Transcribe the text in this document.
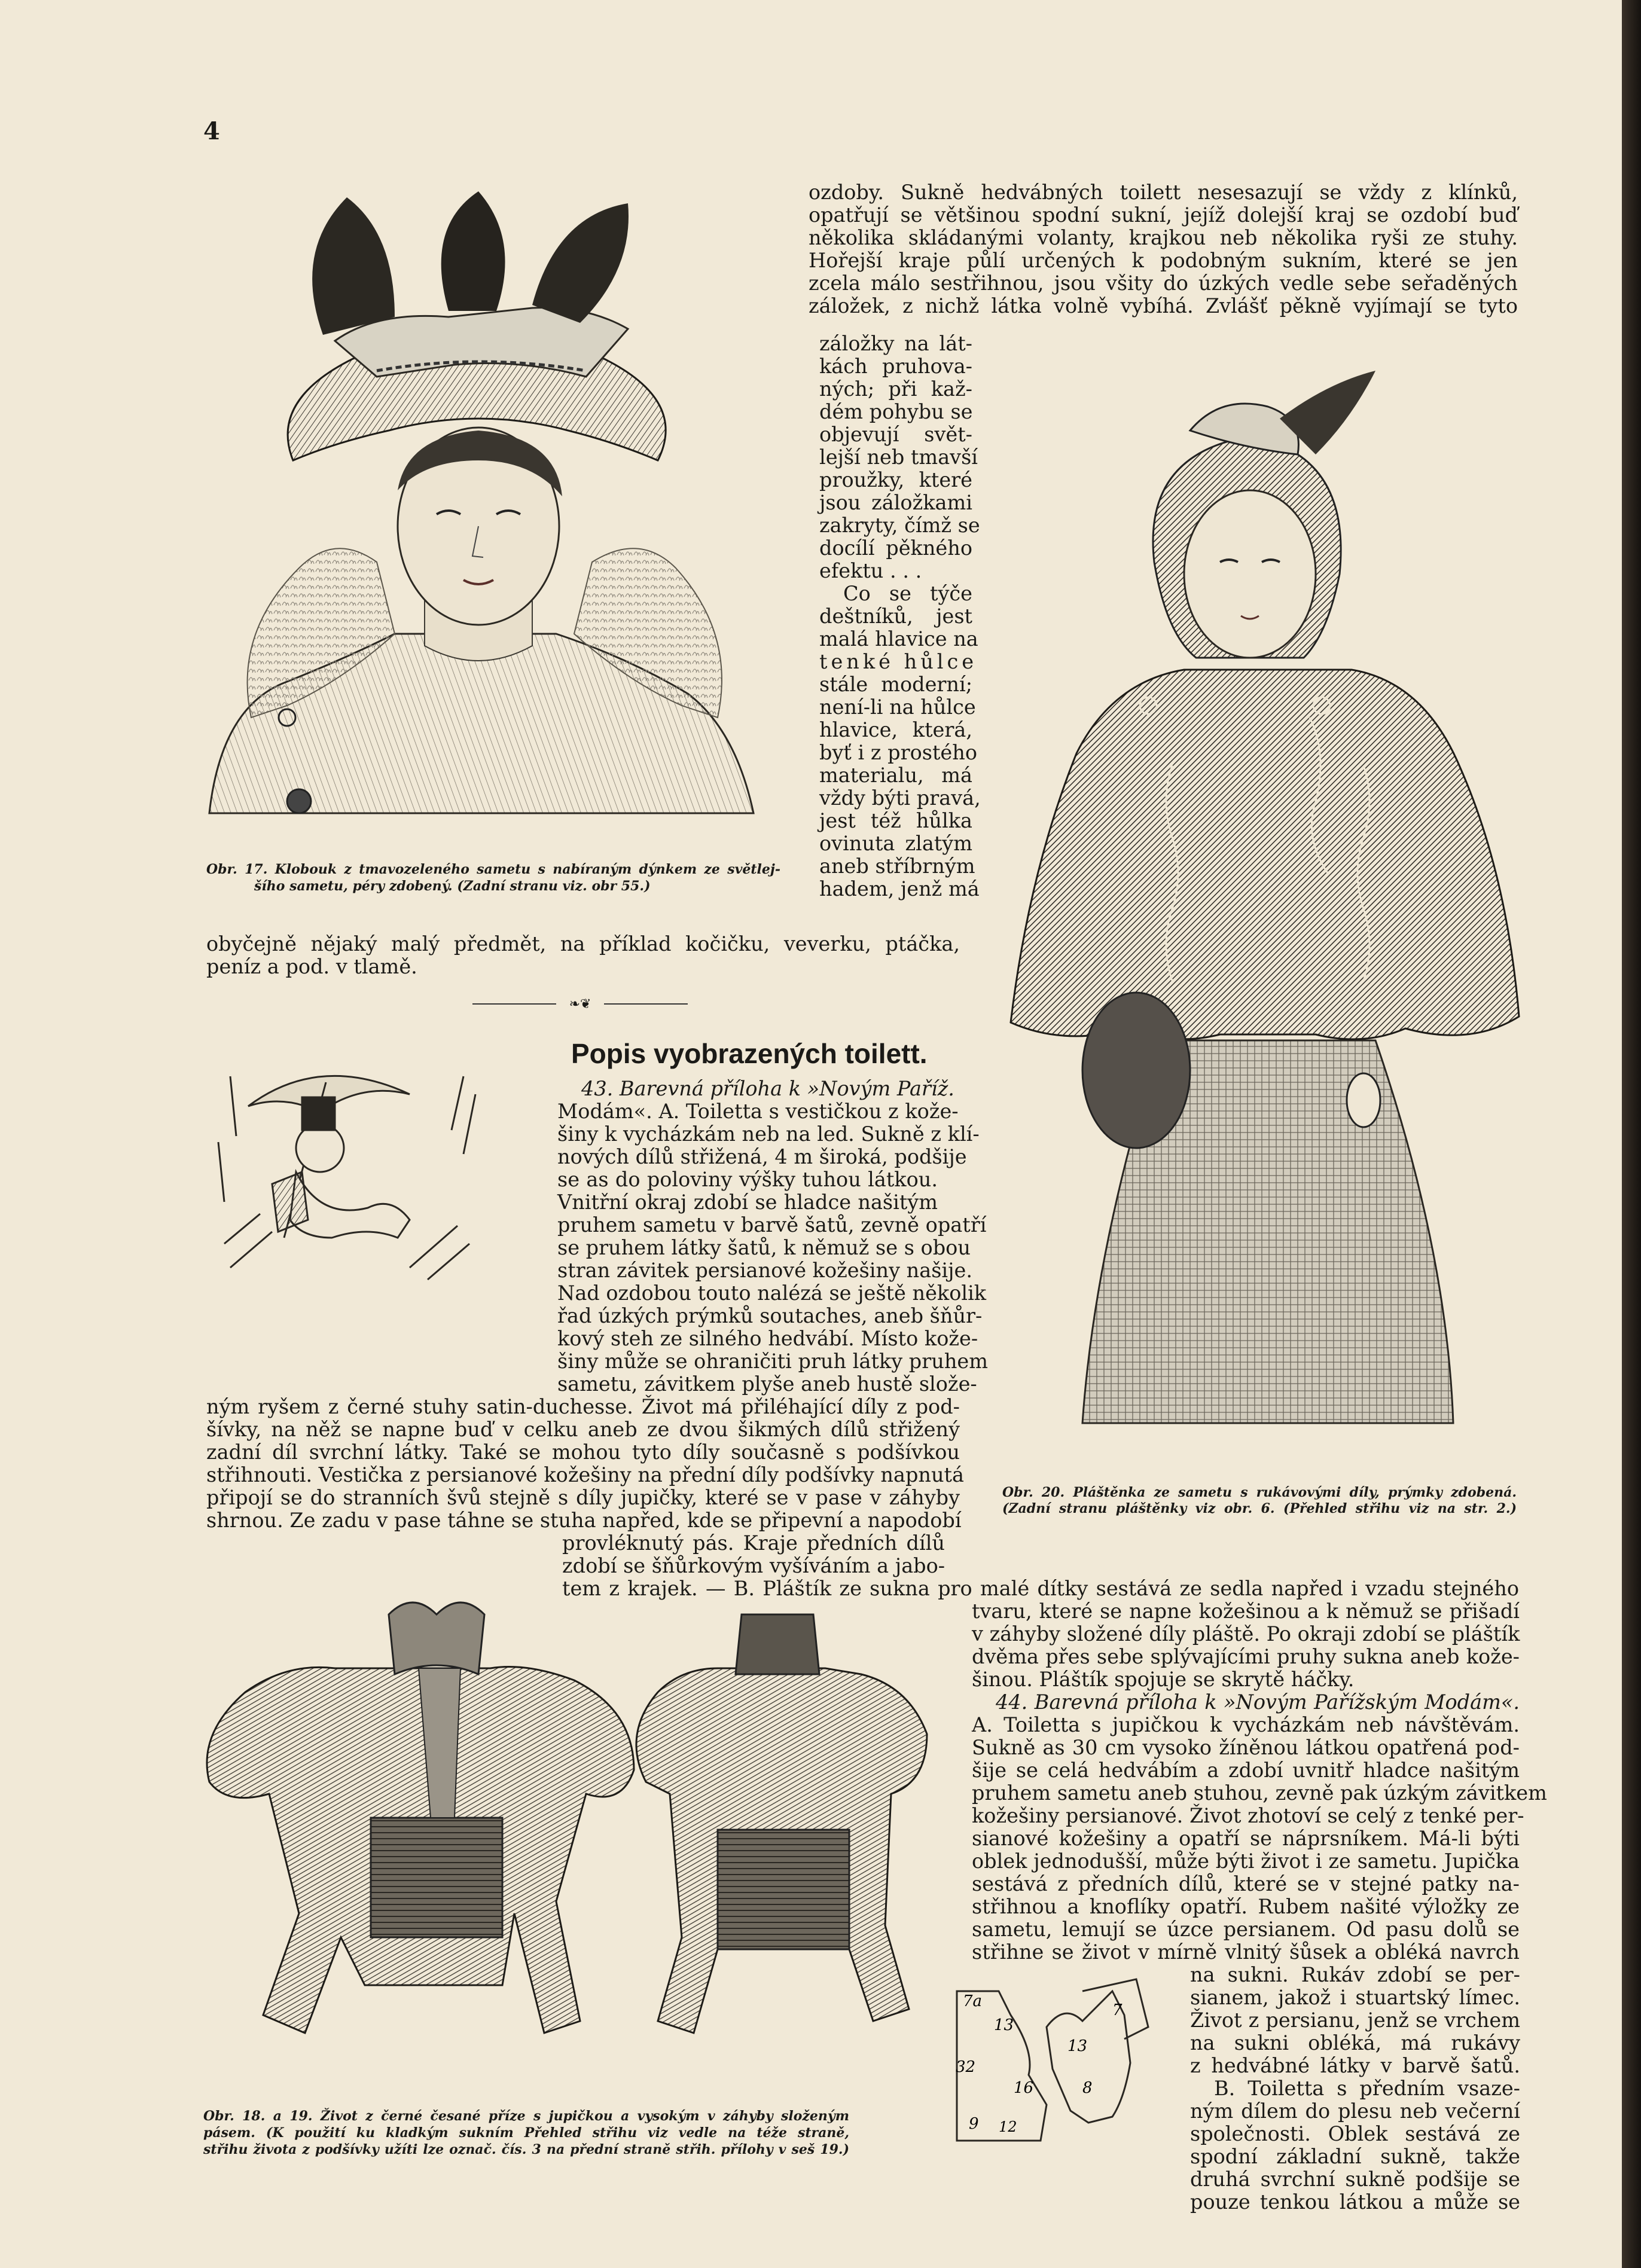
4
Obr. 17. Klobouk z tmavozeleného sametu s nabíraným dýnkem ze světlej-
šího sametu, péry zdobený. (Zadní stranu viz. obr 55.)
ozdoby. Sukně hedvábných toilett nesesazují se vždy z klínků,
opatřují se většinou spodní sukní, jejíž dolejší kraj se ozdobí buď
několika skládanými volanty, krajkou neb několika ryši ze stuhy.
Hořejší kraje půlí určených k podobným sukním, které se jen
zcela málo sestřihnou, jsou všity do úzkých vedle sebe seřaděných
záložek, z nichž látka volně vybíhá. Zvlášť pěkně vyjímají se tyto
záložky na lát-
kách pruhova-
ných; při kaž-
dém pohybu se
objevují svět-
lejší neb tmavší
proužky, které
jsou záložkami
zakryty, čímž se
docílí pěkného
efektu . . .
Co se týče
deštníků, jest
malá hlavice na
tenké hůlce
stále moderní;
není-li na hůlce
hlavice, která,
byť i z prostého
materialu, má
vždy býti pravá,
jest též hůlka
ovinuta zlatým
aneb stříbrným
hadem, jenž má
obyčejně nějaký malý předmět, na příklad kočičku, veverku, ptáčka,
peníz a pod. v tlamě.
❧❦
Popis vyobrazených toilett.
43. Barevná příloha k »Novým Paříž.
Modám«. A. Toiletta s vestičkou z kože-
šiny k vycházkám neb na led. Sukně z klí-
nových dílů střižená, 4 m široká, podšije
se as do poloviny výšky tuhou látkou.
Vnitřní okraj zdobí se hladce našitým
pruhem sametu v barvě šatů, zevně opatří
se pruhem látky šatů, k němuž se s obou
stran závitek persianové kožešiny našije.
Nad ozdobou touto nalézá se ještě několik
řad úzkých prýmků soutaches, aneb šňůr-
kový steh ze silného hedvábí. Místo kože-
šiny může se ohraničiti pruh látky pruhem
sametu, závitkem plyše aneb hustě slože-
ným ryšem z černé stuhy satin-duchesse. Život má přiléhající díly z pod-
šívky, na něž se napne buď v celku aneb ze dvou šikmých dílů střižený
zadní díl svrchní látky. Také se mohou tyto díly současně s podšívkou
střihnouti. Vestička z persianové kožešiny na přední díly podšívky napnutá
připojí se do stranních švů stejně s díly jupičky, které se v pase v záhyby
shrnou. Ze zadu v pase táhne se stuha napřed, kde se připevní a napodobí
provléknutý pás. Kraje předních dílů
zdobí se šňůrkovým vyšíváním a jabo-
tem z krajek. — B. Pláštík ze sukna pro malé dítky sestává ze sedla napřed i vzadu stejného
Obr. 20. Pláštěnka ze sametu s rukávovými díly, prýmky zdobená.
(Zadní stranu pláštěnky viz obr. 6. (Přehled střihu viz na str. 2.)
tvaru, které se napne kožešinou a k němuž se přišadí
v záhyby složené díly pláště. Po okraji zdobí se pláštík
dvěma přes sebe splývajícími pruhy sukna aneb kože-
šinou. Pláštík spojuje se skrytě háčky.
44. Barevná příloha k »Novým Pařížským Modám«.
A. Toiletta s jupičkou k vycházkám neb návštěvám.
Sukně as 30 cm vysoko žíněnou látkou opatřená pod-
šije se celá hedvábím a zdobí uvnitř hladce našitým
pruhem sametu aneb stuhou, zevně pak úzkým závitkem
kožešiny persianové. Život zhotoví se celý z tenké per-
sianové kožešiny a opatří se náprsníkem. Má-li býti
oblek jednodušší, může býti život i ze sametu. Jupička
sestává z předních dílů, které se v stejné patky na-
střihnou a knoflíky opatří. Rubem našité výložky ze
sametu, lemují se úzce persianem. Od pasu dolů se
střihne se život v mírně vlnitý šůsek a obléká navrch
na sukni. Rukáv zdobí se per-
sianem, jakož i stuartský límec.
Život z persianu, jenž se vrchem
na sukni obléká, má rukávy
z hedvábné látky v barvě šatů.
B. Toiletta s předním vsaze-
ným dílem do plesu neb večerní
společnosti. Oblek sestává ze
spodní základní sukně, takže
druhá svrchní sukně podšije se
pouze tenkou látkou a může se
7a
13
13
32
16
7
9 12
8
Obr. 18. a 19. Život z černé česané příze s jupičkou a vysokým v záhyby složeným
pásem. (K použití ku kladkým sukním Přehled střihu viz vedle na téže straně,
střihu života z podšívky užíti lze označ. čís. 3 na přední straně střih. přílohy v seš 19.)
